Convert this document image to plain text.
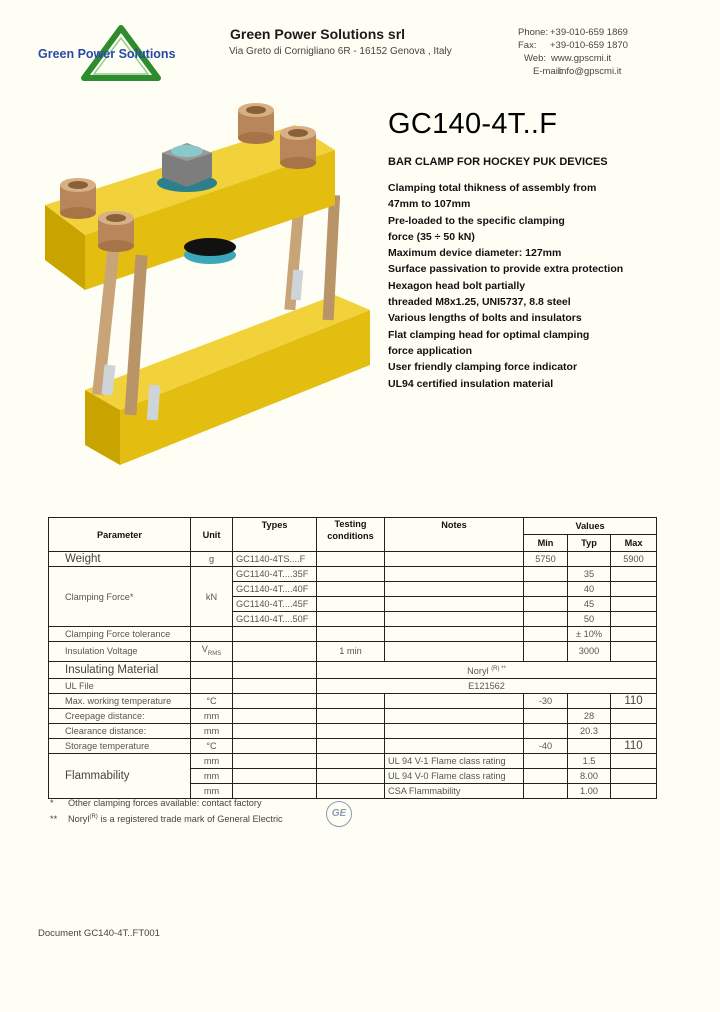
Green Power Solutions
Green Power Solutions srl
Via Greto di Cornigliano 6R - 16152 Genova , Italy
Phone: +39-010-659 1869
Fax: +39-010-659 1870
Web: www.gpscmi.it
E-mail:
info@gpscmi.it
GC140-4T..F
BAR CLAMP FOR HOCKEY PUK DEVICES
Clamping total thikness of assembly from
47mm to 107mm
Pre-loaded to the specific clamping
force (35 ÷ 50 kN)
Maximum device diameter: 127mm
Surface passivation to provide extra protection
Hexagon head bolt partially
threaded M8x1.25, UNI5737, 8.8 steel
Various lengths of bolts and insulators
Flat clamping head for optimal clamping
force application
User friendly clamping force indicator
UL94 certified insulation material
Parameter	Unit	Types	Testing conditions	Notes	Values		
					Min	Typ	Max
Weight	g	GC1140-4TS....F			5750		5900
Clamping Force*	kN	GC1140-4T....35F				35	
		GC1140-4T....40F				40	
		GC1140-4T....45F				45	
		GC1140-4T....50F				50	
Clamping Force tolerance						± 10%	
Insulation Voltage	$V_{RMS}$		1 min			3000	
Insulating Material			Noryl $^{(R) **}$
UL File			E121562				
Max. working temperature	°C				-30		110
Creepage distance:	mm					28	
Clearance distance:	mm					20.3	
Storage temperature	°C				-40		110
Flammability	mm			UL 94 V-1 Flame class rating		1.5	
	mm			UL 94 V-0 Flame class rating		8.00	
	mm			CSA Flammability		1.00	
* Other clamping forces available: contact factory
** Noryl$^{(R)}$ is a registered trade mark of General Electric
GE
Document GC140-4T..FT001
